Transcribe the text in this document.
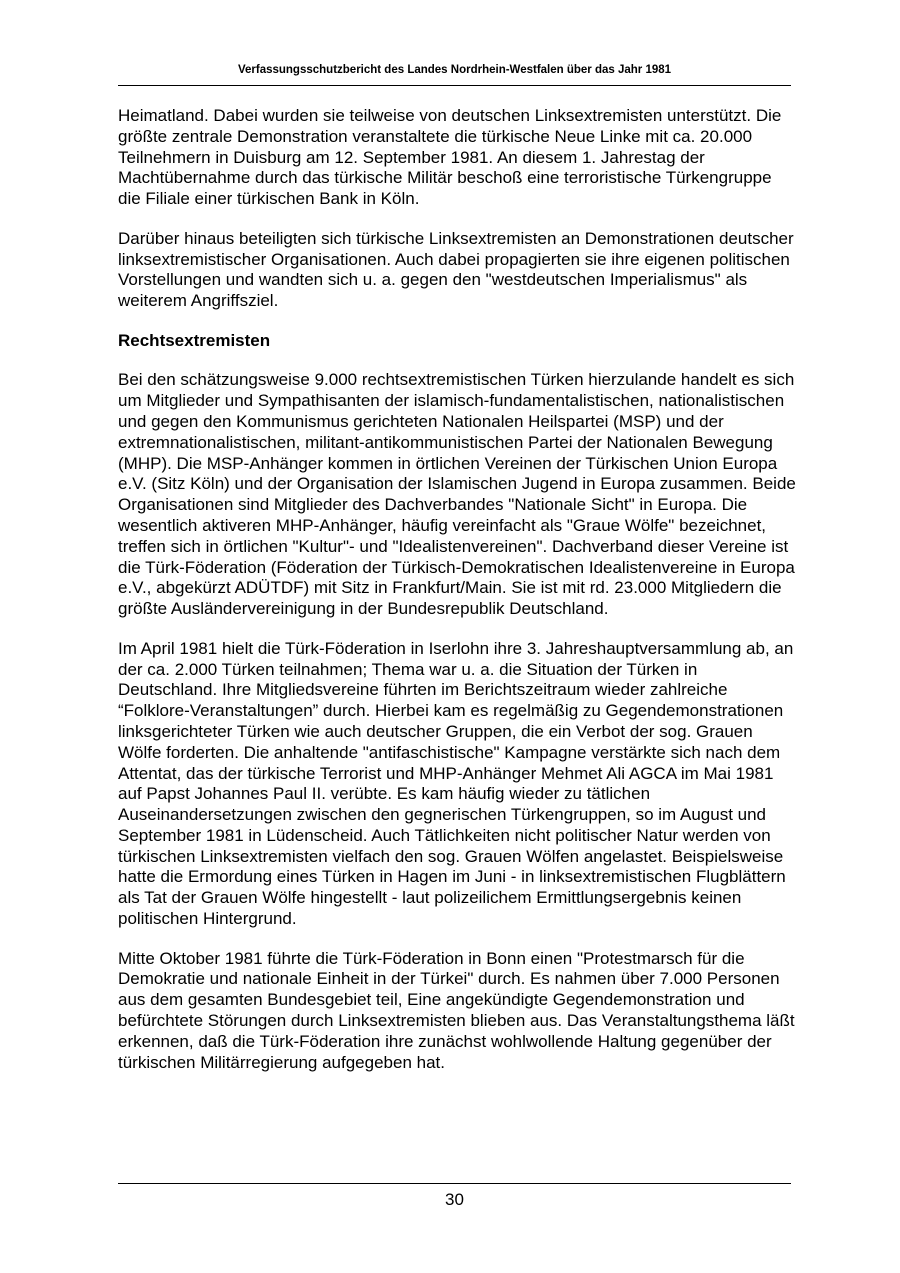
Verfassungsschutzbericht des Landes Nordrhein-Westfalen über das Jahr 1981

Heimatland. Dabei wurden sie teilweise von deutschen Linksextremisten unterstützt. Die größte zentrale Demonstration veranstaltete die türkische Neue Linke mit ca. 20.000 Teilnehmern in Duisburg am 12. September 1981. An diesem 1. Jahrestag der Machtübernahme durch das türkische Militär beschoß eine terroristische Türkengruppe die Filiale einer türkischen Bank in Köln.

Darüber hinaus beteiligten sich türkische Linksextremisten an Demonstrationen deutscher linksextremistischer Organisationen. Auch dabei propagierten sie ihre eigenen politischen Vorstellungen und wandten sich u. a. gegen den "westdeutschen Imperialismus" als weiterem Angriffsziel.

Rechtsextremisten

Bei den schätzungsweise 9.000 rechtsextremistischen Türken hierzulande handelt es sich um Mitglieder und Sympathisanten der islamisch-fundamentalistischen, nationalistischen und gegen den Kommunismus gerichteten Nationalen Heilspartei (MSP) und der extremnationalistischen, militant-antikommunistischen Partei der Nationalen Bewegung (MHP). Die MSP-Anhänger kommen in örtlichen Vereinen der Türkischen Union Europa e.V. (Sitz Köln) und der Organisation der Islamischen Jugend in Europa zusammen. Beide Organisationen sind Mitglieder des Dachverbandes "Nationale Sicht" in Europa. Die wesentlich aktiveren MHP-Anhänger, häufig vereinfacht als "Graue Wölfe" bezeichnet, treffen sich in örtlichen "Kultur"- und "Idealistenvereinen". Dachverband dieser Vereine ist die Türk-Föderation (Föderation der Türkisch-Demokratischen Idealistenvereine in Europa e.V., abgekürzt ADÜTDF) mit Sitz in Frankfurt/Main. Sie ist mit rd. 23.000 Mitgliedern die größte Ausländervereinigung in der Bundesrepublik Deutschland.

Im April 1981 hielt die Türk-Föderation in Iserlohn ihre 3. Jahreshauptversammlung ab, an der ca. 2.000 Türken teilnahmen; Thema war u. a. die Situation der Türken in Deutschland. Ihre Mitgliedsvereine führten im Berichtszeitraum wieder zahlreiche “Folklore-Veranstaltungen” durch. Hierbei kam es regelmäßig zu Gegendemonstrationen linksgerichteter Türken wie auch deutscher Gruppen, die ein Verbot der sog. Grauen Wölfe forderten. Die anhaltende "antifaschistische" Kampagne verstärkte sich nach dem Attentat, das der türkische Terrorist und MHP-Anhänger Mehmet Ali AGCA im Mai 1981 auf Papst Johannes Paul II. verübte. Es kam häufig wieder zu tätlichen Auseinandersetzungen zwischen den gegnerischen Türkengruppen, so im August und September 1981 in Lüdenscheid. Auch Tätlichkeiten nicht politischer Natur werden von türkischen Linksextremisten vielfach den sog. Grauen Wölfen angelastet. Beispielsweise hatte die Ermordung eines Türken in Hagen im Juni - in linksextremistischen Flugblättern als Tat der Grauen Wölfe hingestellt - laut polizeilichem Ermittlungsergebnis keinen politischen Hintergrund.

Mitte Oktober 1981 führte die Türk-Föderation in Bonn einen "Protestmarsch für die Demokratie und nationale Einheit in der Türkei" durch. Es nahmen über 7.000 Personen aus dem gesamten Bundesgebiet teil, Eine angekündigte Gegendemonstration und befürchtete Störungen durch Linksextremisten blieben aus. Das Veranstaltungsthema läßt erkennen, daß die Türk-Föderation ihre zunächst wohlwollende Haltung gegenüber der türkischen Militärregierung aufgegeben hat.

30
